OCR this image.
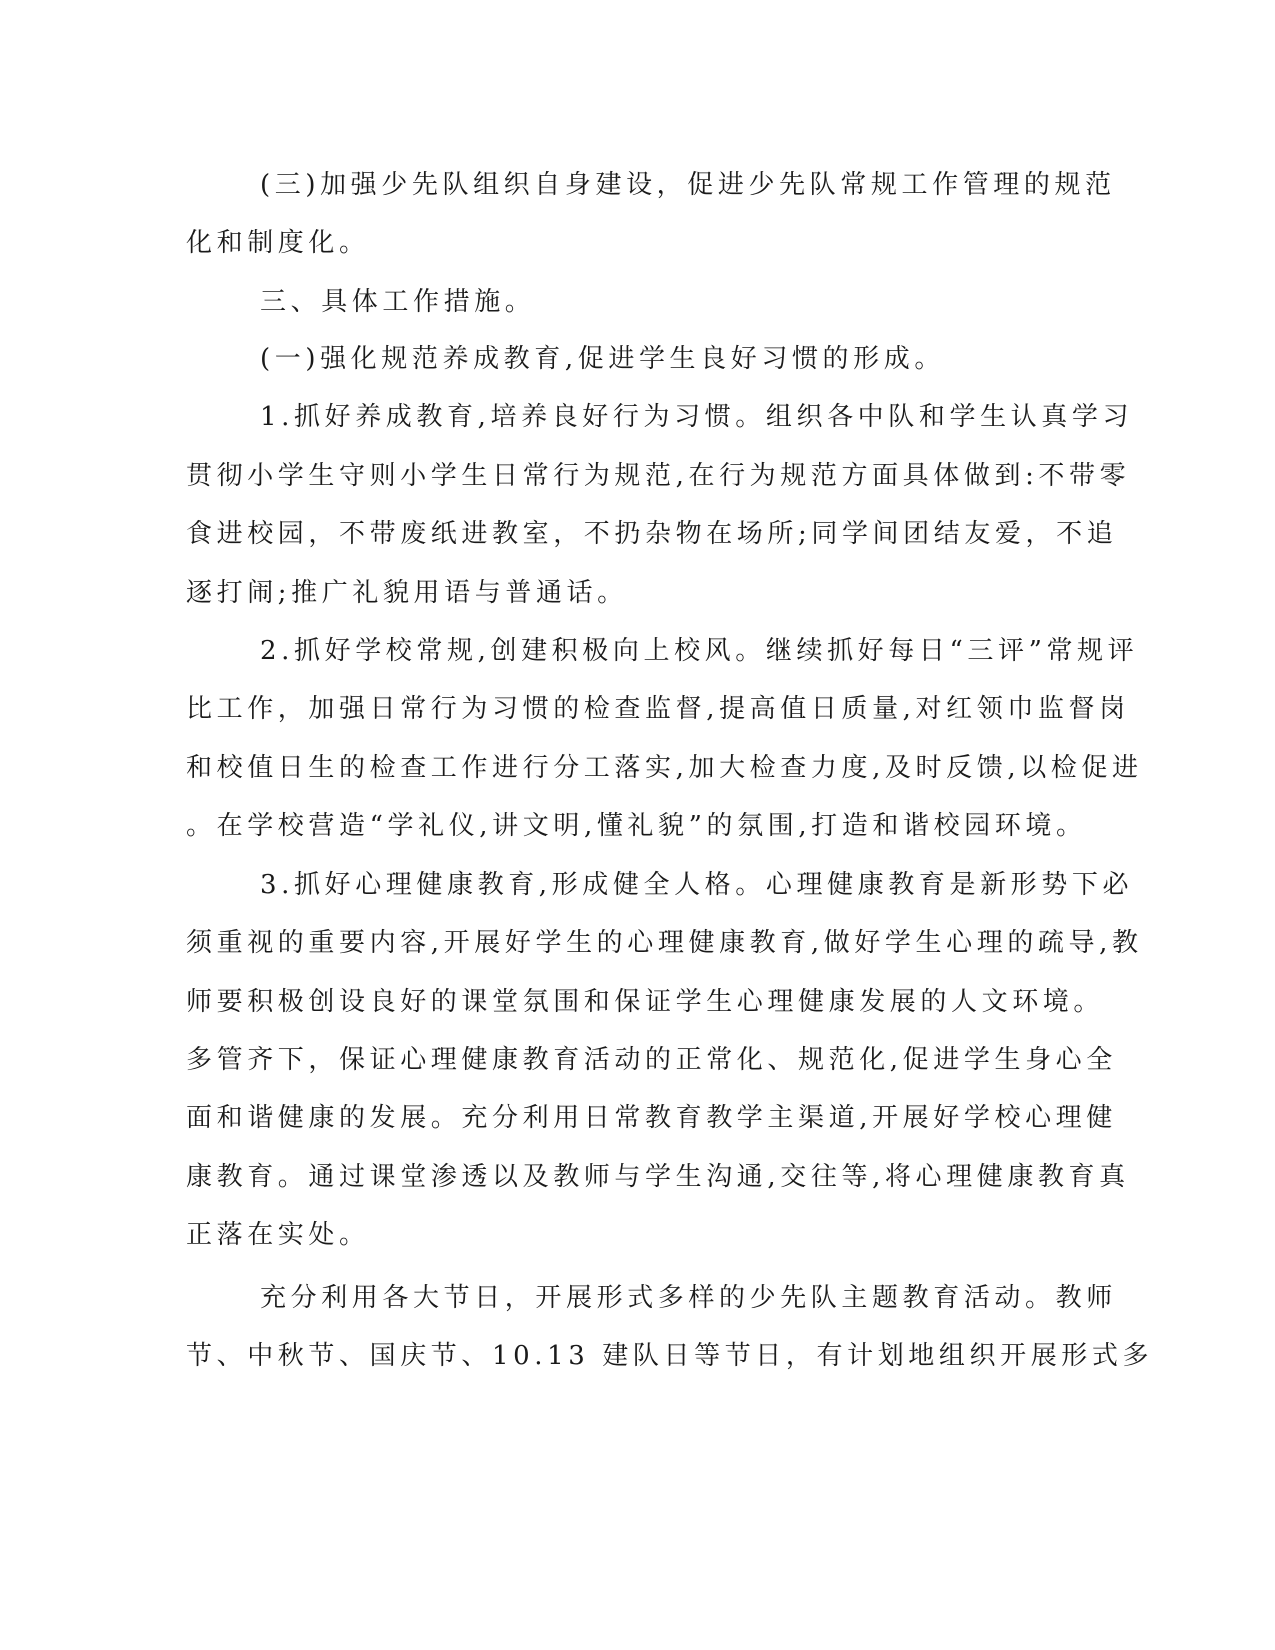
(三)加强少先队组织自身建设，促进少先队常规工作管理的规范
化和制度化。
三、具体工作措施。
(一)强化规范养成教育,促进学生良好习惯的形成。
1.抓好养成教育,培养良好行为习惯。组织各中队和学生认真学习
贯彻小学生守则小学生日常行为规范,在行为规范方面具体做到:不带零
食进校园，不带废纸进教室，不扔杂物在场所;同学间团结友爱，不追
逐打闹;推广礼貌用语与普通话。
2.抓好学校常规,创建积极向上校风。继续抓好每日“三评”常规评
比工作，加强日常行为习惯的检查监督,提高值日质量,对红领巾监督岗
和校值日生的检查工作进行分工落实,加大检查力度,及时反馈,以检促进
。在学校营造“学礼仪,讲文明,懂礼貌”的氛围,打造和谐校园环境。
3.抓好心理健康教育,形成健全人格。心理健康教育是新形势下必
须重视的重要内容,开展好学生的心理健康教育,做好学生心理的疏导,教
师要积极创设良好的课堂氛围和保证学生心理健康发展的人文环境。
多管齐下，保证心理健康教育活动的正常化、规范化,促进学生身心全
面和谐健康的发展。充分利用日常教育教学主渠道,开展好学校心理健
康教育。通过课堂渗透以及教师与学生沟通,交往等,将心理健康教育真
正落在实处。
充分利用各大节日，开展形式多样的少先队主题教育活动。教师
节、中秋节、国庆节、10.13 建队日等节日，有计划地组织开展形式多
